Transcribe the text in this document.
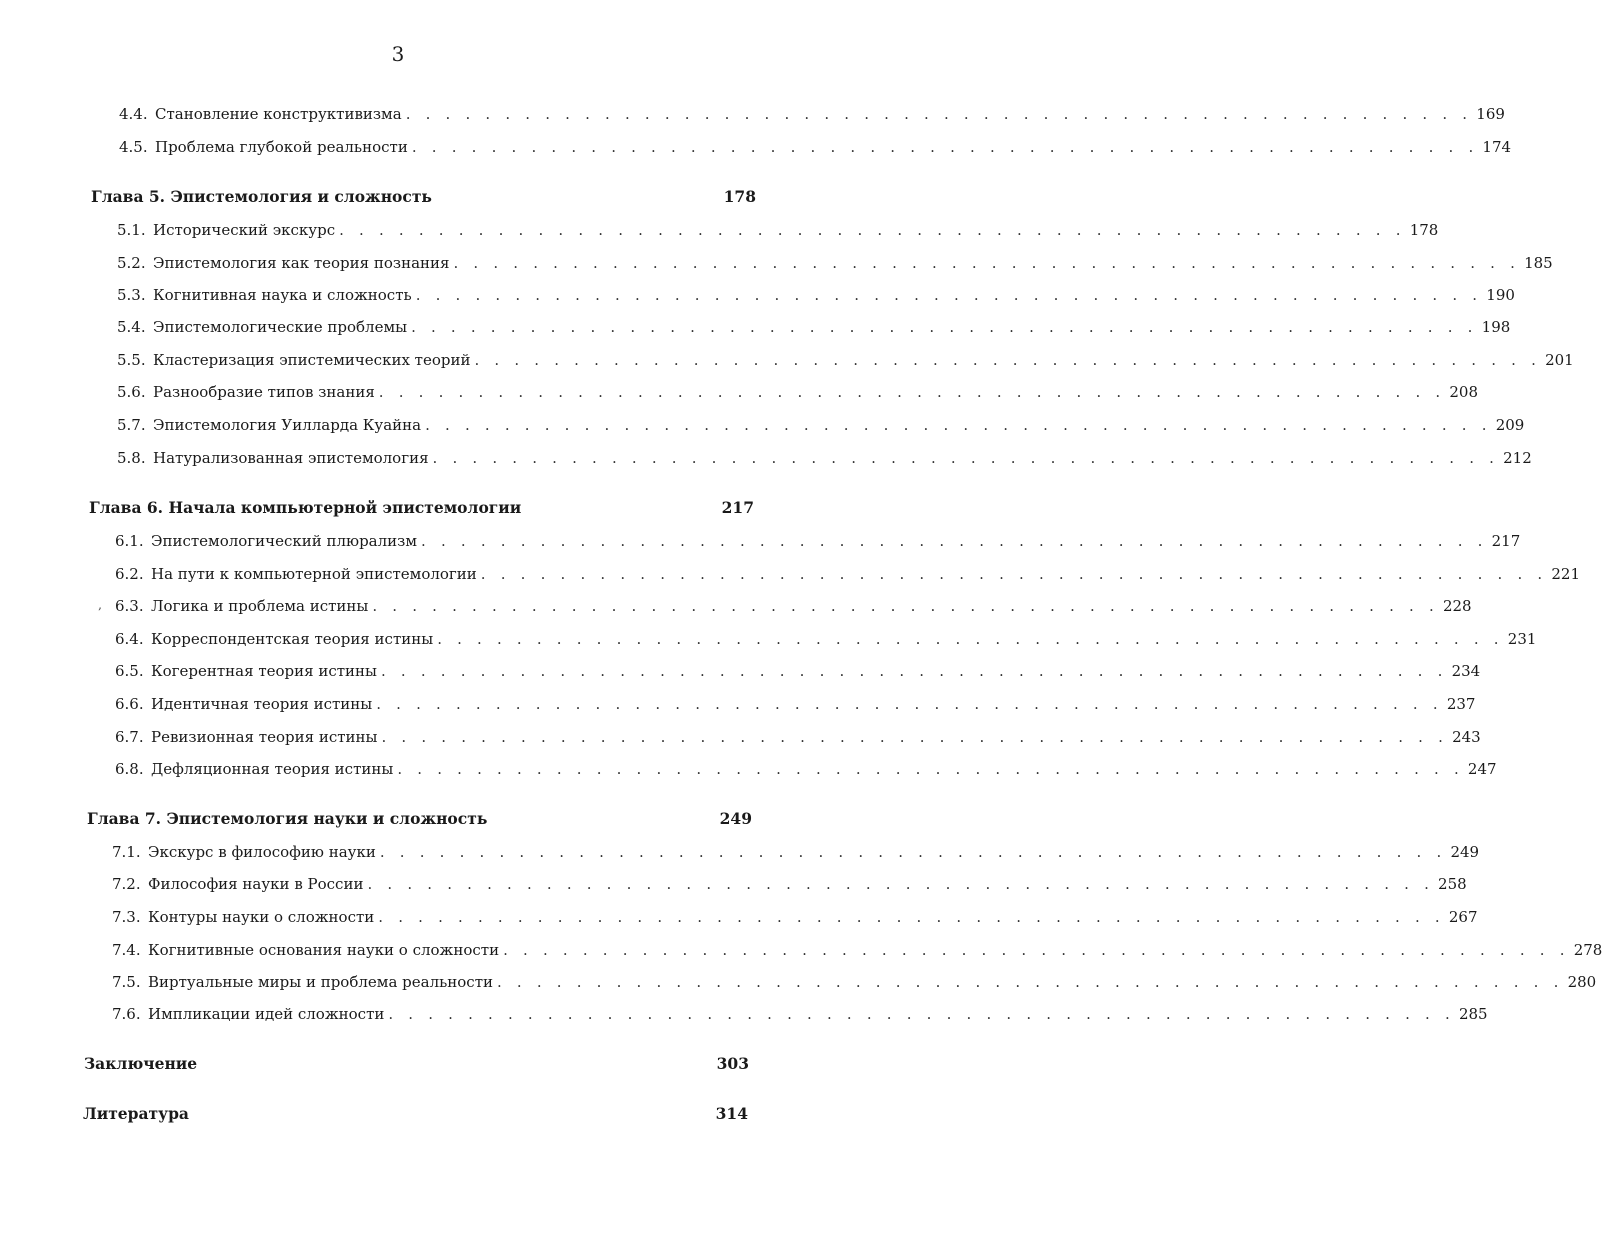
3
4.4. Становление конструктивизма . . . . . . . . . . . . . . . . . . . . . . . . . . . . . . . . . . . . . . . . . . . . . . . . . . . . . . 169
4.5. Проблема глубокой реальности . . . . . . . . . . . . . . . . . . . . . . . . . . . . . . . . . . . . . . . . . . . . . . . . . . . . . . 174
Глава 5. Эпистемология и сложность	178
5.1. Исторический экскурс . . . . . . . . . . . . . . . . . . . . . . . . . . . . . . . . . . . . . . . . . . . . . . . . . . . . . . 178
5.2. Эпистемология как теория познания . . . . . . . . . . . . . . . . . . . . . . . . . . . . . . . . . . . . . . . . . . . . . . . . . . . . . . 185
5.3. Когнитивная наука и сложность . . . . . . . . . . . . . . . . . . . . . . . . . . . . . . . . . . . . . . . . . . . . . . . . . . . . . . 190
5.4. Эпистемологические проблемы . . . . . . . . . . . . . . . . . . . . . . . . . . . . . . . . . . . . . . . . . . . . . . . . . . . . . . 198
5.5. Кластеризация эпистемических теорий . . . . . . . . . . . . . . . . . . . . . . . . . . . . . . . . . . . . . . . . . . . . . . . . . . . . . . 201
5.6. Разнообразие типов знания . . . . . . . . . . . . . . . . . . . . . . . . . . . . . . . . . . . . . . . . . . . . . . . . . . . . . . 208
5.7. Эпистемология Уилларда Куайна . . . . . . . . . . . . . . . . . . . . . . . . . . . . . . . . . . . . . . . . . . . . . . . . . . . . . . 209
5.8. Натурализованная эпистемология . . . . . . . . . . . . . . . . . . . . . . . . . . . . . . . . . . . . . . . . . . . . . . . . . . . . . . 212
Глава 6. Начала компьютерной эпистемологии	217
6.1. Эпистемологический плюрализм . . . . . . . . . . . . . . . . . . . . . . . . . . . . . . . . . . . . . . . . . . . . . . . . . . . . . . 217
6.2. На пути к компьютерной эпистемологии . . . . . . . . . . . . . . . . . . . . . . . . . . . . . . . . . . . . . . . . . . . . . . . . . . . . . . 221
‚ 6.3. Логика и проблема истины . . . . . . . . . . . . . . . . . . . . . . . . . . . . . . . . . . . . . . . . . . . . . . . . . . . . . . 228
6.4. Корреспондентская теория истины . . . . . . . . . . . . . . . . . . . . . . . . . . . . . . . . . . . . . . . . . . . . . . . . . . . . . . 231
6.5. Когерентная теория истины . . . . . . . . . . . . . . . . . . . . . . . . . . . . . . . . . . . . . . . . . . . . . . . . . . . . . . 234
6.6. Идентичная теория истины . . . . . . . . . . . . . . . . . . . . . . . . . . . . . . . . . . . . . . . . . . . . . . . . . . . . . . 237
6.7. Ревизионная теория истины . . . . . . . . . . . . . . . . . . . . . . . . . . . . . . . . . . . . . . . . . . . . . . . . . . . . . . 243
6.8. Дефляционная теория истины . . . . . . . . . . . . . . . . . . . . . . . . . . . . . . . . . . . . . . . . . . . . . . . . . . . . . . 247
Глава 7. Эпистемология науки и сложность	249
7.1. Экскурс в философию науки . . . . . . . . . . . . . . . . . . . . . . . . . . . . . . . . . . . . . . . . . . . . . . . . . . . . . . 249
7.2. Философия науки в России . . . . . . . . . . . . . . . . . . . . . . . . . . . . . . . . . . . . . . . . . . . . . . . . . . . . . . 258
7.3. Контуры науки о сложности . . . . . . . . . . . . . . . . . . . . . . . . . . . . . . . . . . . . . . . . . . . . . . . . . . . . . . 267
7.4. Когнитивные основания науки о сложности . . . . . . . . . . . . . . . . . . . . . . . . . . . . . . . . . . . . . . . . . . . . . . . . . . . . . . 278
7.5. Виртуальные миры и проблема реальности . . . . . . . . . . . . . . . . . . . . . . . . . . . . . . . . . . . . . . . . . . . . . . . . . . . . . . 280
7.6. Импликации идей сложности . . . . . . . . . . . . . . . . . . . . . . . . . . . . . . . . . . . . . . . . . . . . . . . . . . . . . . 285
Заключение	303
Литература	314
